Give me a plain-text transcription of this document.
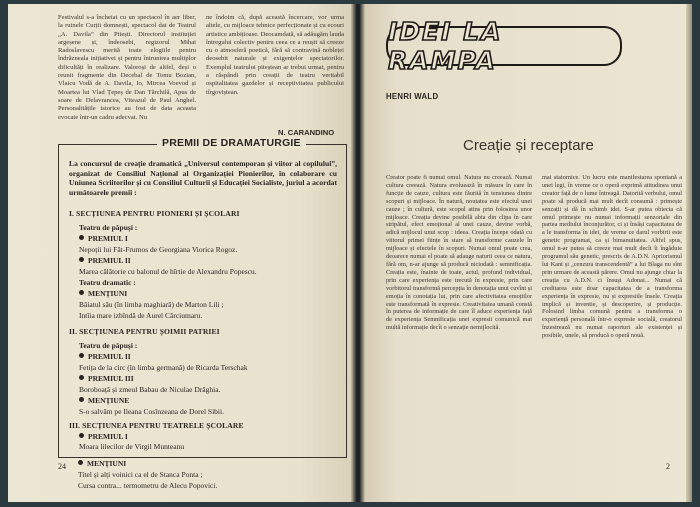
Festivalul s-a încheiat cu un spectacol în aer liber, la ruinele Curții domnești, spectacol dat de Teatrul „A. Davila” din Pitești. Directorul instituției argeșene și, îndeosebi, regizorul Mihai Radoslavescu merită toate elogiile pentru îndrăzneala inițiativei și pentru întrunirea multiplor dificultăți în realizare. Valoroși de altfel, deși o reunit fragmente din Decebal de Tomu Bozian, Vlaicu Vodă de A. Davila, Io, Mircea Voevod și Moartea lui Vlad Țepeș de Dan Tărchilă, Apus de soare de Delavrancea, Viteazul de Paul Anghel. Personalitățile istorice au fost de data aceasta evocate într-un cadru adecvat. Nu

ne îndoim că, după această încercare, vor urma altele, cu mijloace tehnice perfecționate și cu ecouri artistice ambițioase. Deocamdată, să adăugăm lauda întregului colectiv pentru ceea ce a reușit să creeze cu o atmosferă poetică, fără să contravină nobleței deosebit naturale și exigențelor spectatorilor. Exemplul teatrului piteștean ar trebui urmat, pentru a răspândi prin creații de teatru veritabil ospitalitatea gazdelor și receptivitatea publicului tîrgoviștean.

N. CARANDINO
PREMII DE DRAMATURGIE

La concursul de creație dramatică „Universul contemporan și viitor al copilului”, organizat de Consiliul Național al Organizației Pionierilor, în colaborare cu Uniunea Scriitorilor și cu Consiliul Culturii și Educației Socialiste, juriul a acordat următoarele premii :

I. SECȚIUNEA PENTRU PIONIERI ȘI ȘCOLARI
Teatru de păpuși :
PREMIUL I
Nepoții lui Făt-Frumos de Georgiana Viorica Rogoz.
PREMIUL II
Marea călătorie cu balonul de hîrtie de Alexandru Popescu.
Teatru dramatic :
MENȚIUNI
Băiatul său (în limba maghiară) de Marton Lili ;
Intîia mare izbîndă de Aurel Cărciumaru.
II. SECȚIUNEA PENTRU ȘOIMII PATRIEI
Teatru de păpuși :
PREMIUL II
Fetița de la circ (în limba germană) de Ricarda Terschak
PREMIUL III
Boroboață și zmeul Babau de Niculae Drăghia.
MENȚIUNE
S-o salvăm pe Ileana Cosînzeana de Dorel Sibii.
III. SECȚIUNEA PENTRU TEATRELE ȘCOLARE
PREMIUL I
Moara lilecilor de Virgil Munteanu
MENȚIUNI
Titel și alți voinici ca el de Stanca Ponta ;
Cursa contra... termometru de Alecu Popovici.
24
IDEI LA RAMPA
HENRI WALD
Creație și receptare

Creator poate fi numai omul. Natura nu creează. Numai cultura creează. Natura evoluează în măsura în care în funcție de cauze, cultura este făurită în tensiunea dintre scopuri și mijloace. În natură, noutatea este efectul unei cauze ; în cultură, este scopul atins prin folosirea unor mijloace. Creația devine posibilă abia din clipa în care stripătul, efect emoțional al unei cauze, devine vorbă, adică mijlocul unui scop : ideea. Creația începe odată cu viitorul primei ființe în stare să transforme cauzele în mijloace și efectele în scopuri. Numai omul poate crea, deoarece numai el poate să adauge naturii ceea ce natura, fără om, n-ar ajunge să producă niciodată : semnificația. Creația este, înainte de toate, actul, profund individual, prin care experiența este trecută în expresie, prin care vorbitorul transformă percepția în denotația unui cuvînt și emoția în conotația lui, prin care afectivitatea emoțiilor este transformată în expresie. Creativitatea umană constă în puterea de informație de care îl aduce experiența față de experiența Semnificația unei expresii comunică mai multă informație decît o senzație nemijlocită.

mai statornice. Un lucru este manifestarea spontană a unei legi, în vreme ce o operă exprimă atitudinea unui creator față de o lume întreagă. Datorită verbului, omul poate să producă mai mult decît consumă : primește senzații și dă în schimb idei. S-ar putea obiecta că omul primește nu numai informații senzoriale din partea mediului înconjurător, ci și însăși capacitatea de a le transforma în idei, de vreme ce darul vorbirii este genetic programat, ca și bimanuitatea. Altfel spus, omul n-ar putea să creeze mai mult decît îi îngăduie programul său genetic, prescris de A.D.N. Apriorismul lui Kant și „cenzura transcendentă” a lui Blaga nu sînt prin urmare de această părere. Omul nu ajunge chiar la creația cu A.D.N. ci însuși Adonai... Numai că creditarea este doar capacitatea de a transforma experiența în expresie, nu și expresiile însele. Creația implică și inventie, și descoperire, și producție. Folosind limba comună pentru a transforma o experiență personală într-o expresie socială, creatorul înzestrează nu numai raporturi ale existenței și posibile, unele, să producă o operă nouă.

2
